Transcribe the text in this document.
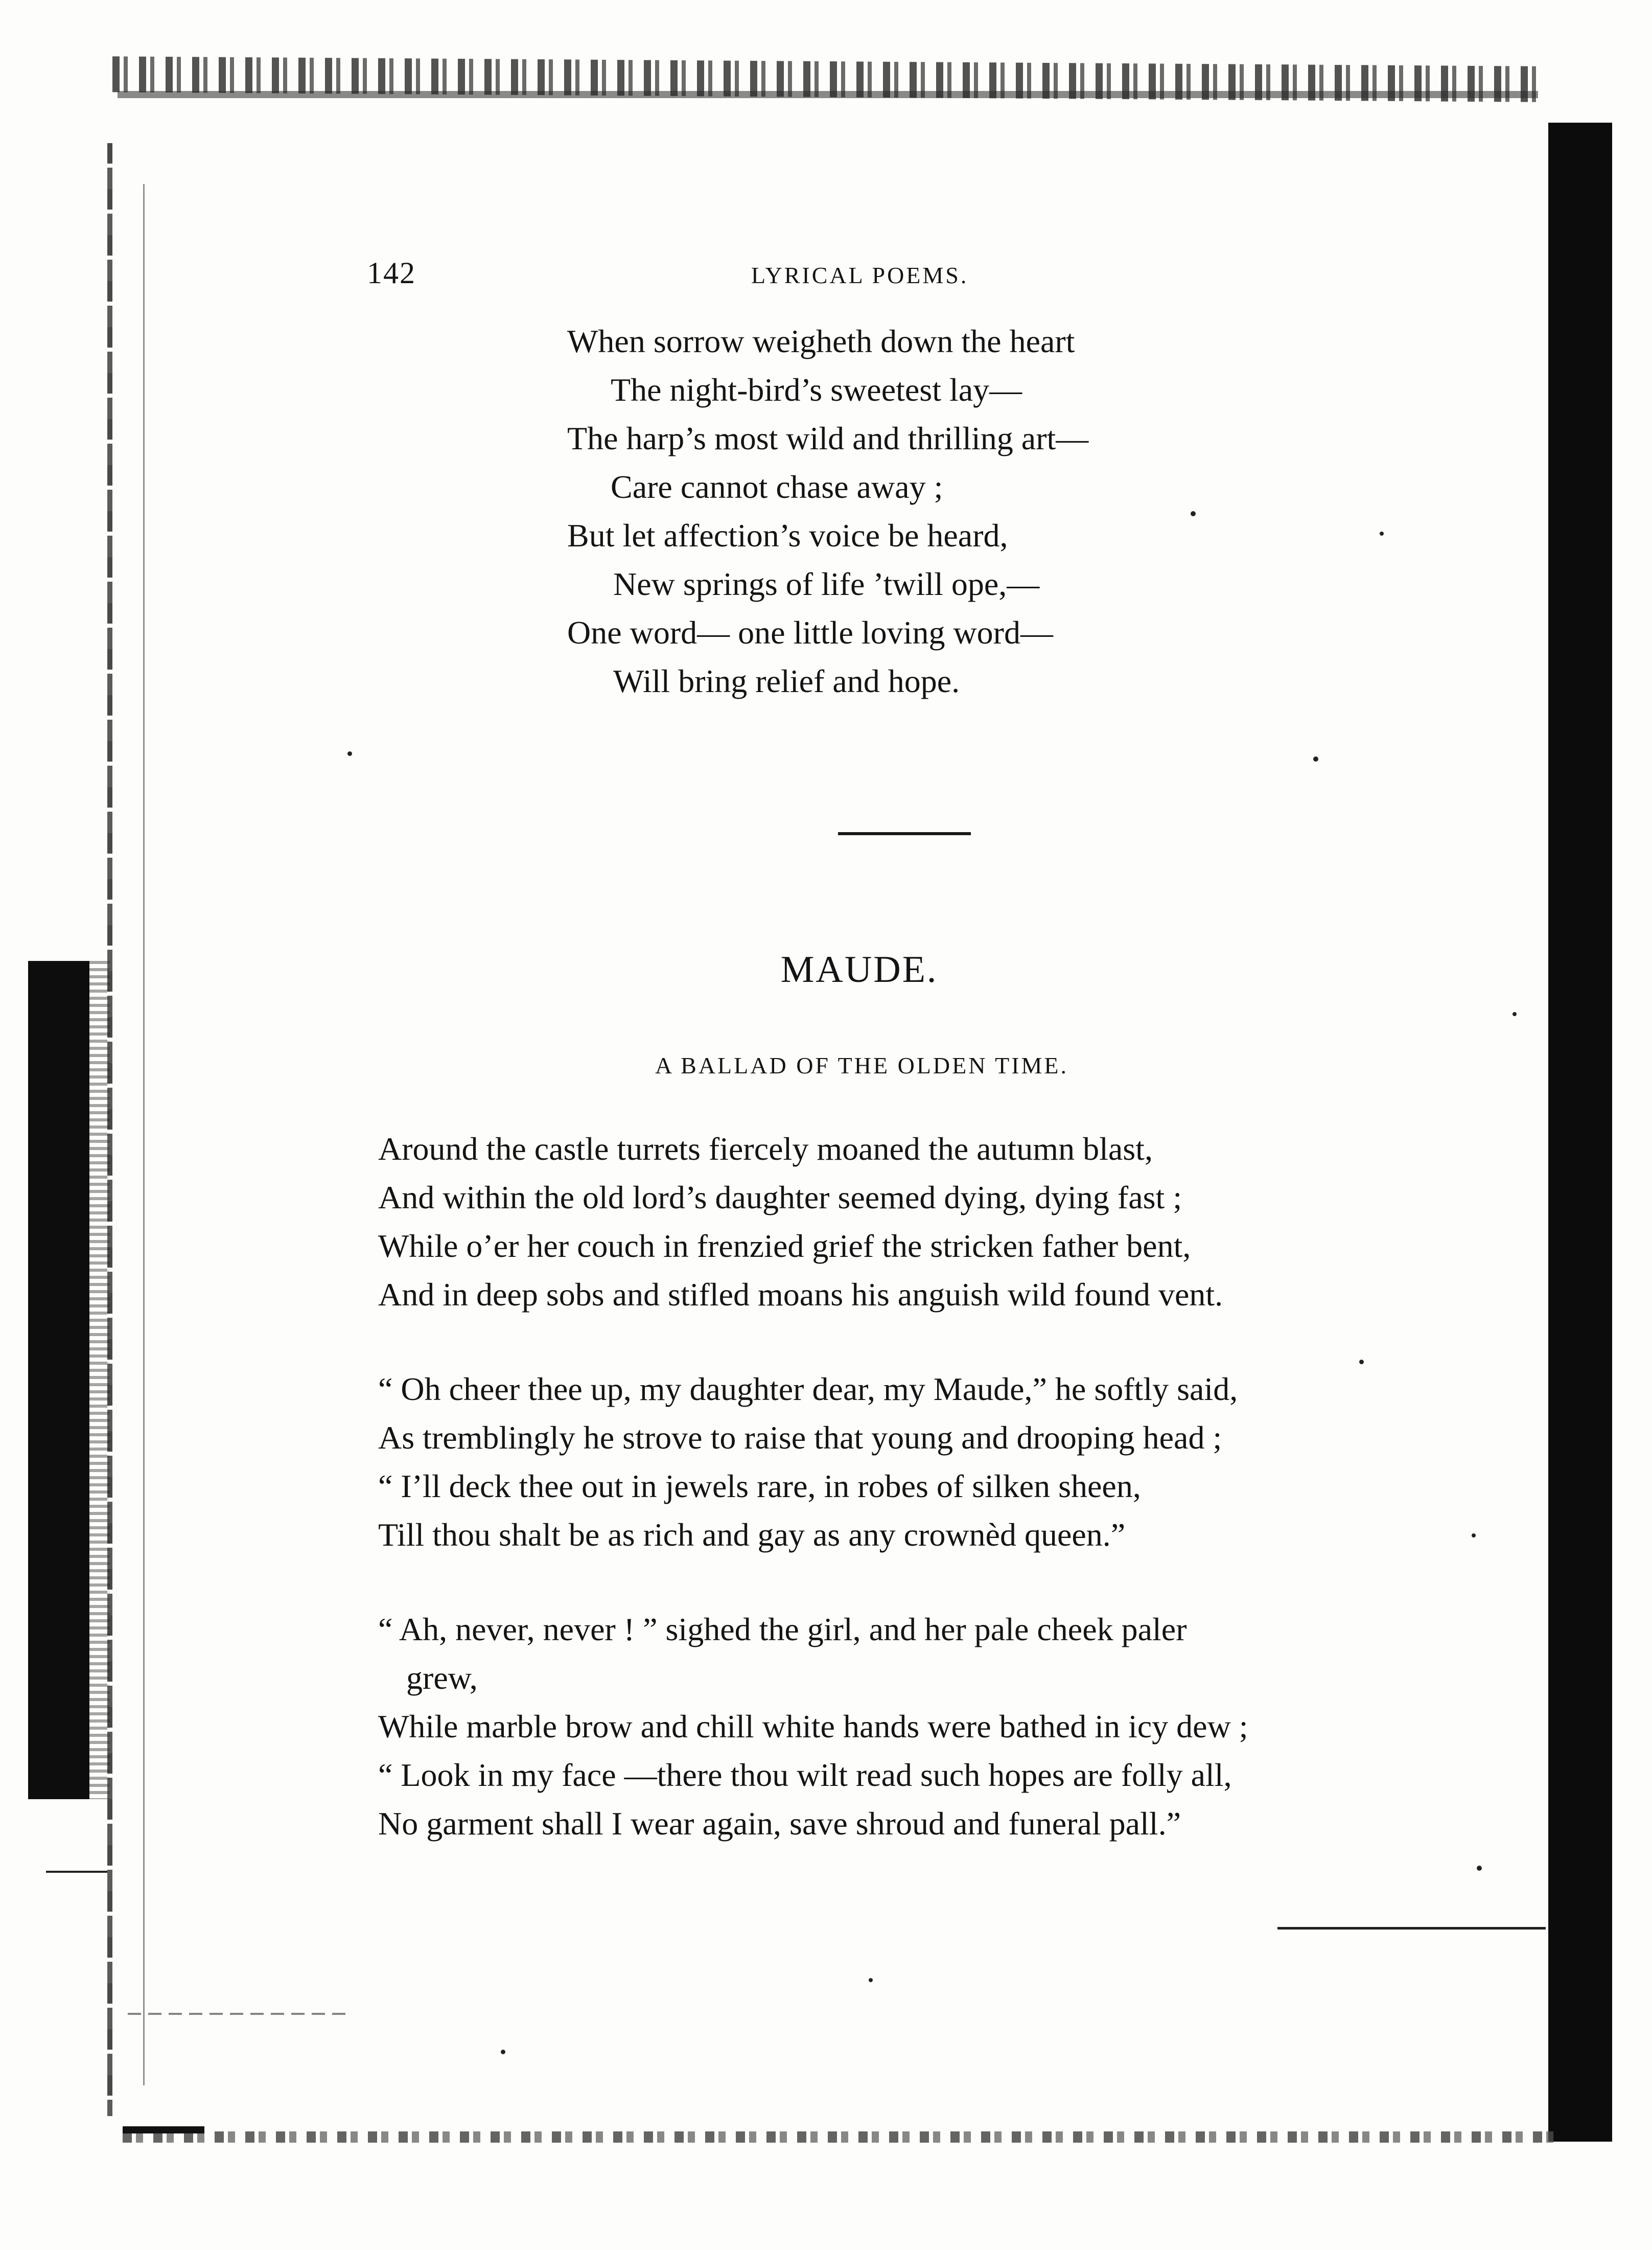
142	LYRICAL POEMS.
When sorrow weigheth down the heart
The night-bird’s sweetest lay—
The harp’s most wild and thrilling art—
Care cannot chase away ;
But let affection’s voice be heard,
New springs of life ’twill ope,—
One word— one little loving word—
Will bring relief and hope.
MAUDE.
A BALLAD OF THE OLDEN TIME.
Around the castle turrets fiercely moaned the autumn blast,
And within the old lord’s daughter seemed dying, dying fast ;
While o’er her couch in frenzied grief the stricken father bent,
And in deep sobs and stifled moans his anguish wild found vent.
“ Oh cheer thee up, my daughter dear, my Maude,” he softly said,
As tremblingly he strove to raise that young and drooping head ;
“ I’ll deck thee out in jewels rare, in robes of silken sheen,
Till thou shalt be as rich and gay as any crownèd queen.”
“ Ah, never, never ! ” sighed the girl, and her pale cheek paler
grew,
While marble brow and chill white hands were bathed in icy dew ;
“ Look in my face —there thou wilt read such hopes are folly all,
No garment shall I wear again, save shroud and funeral pall.”
